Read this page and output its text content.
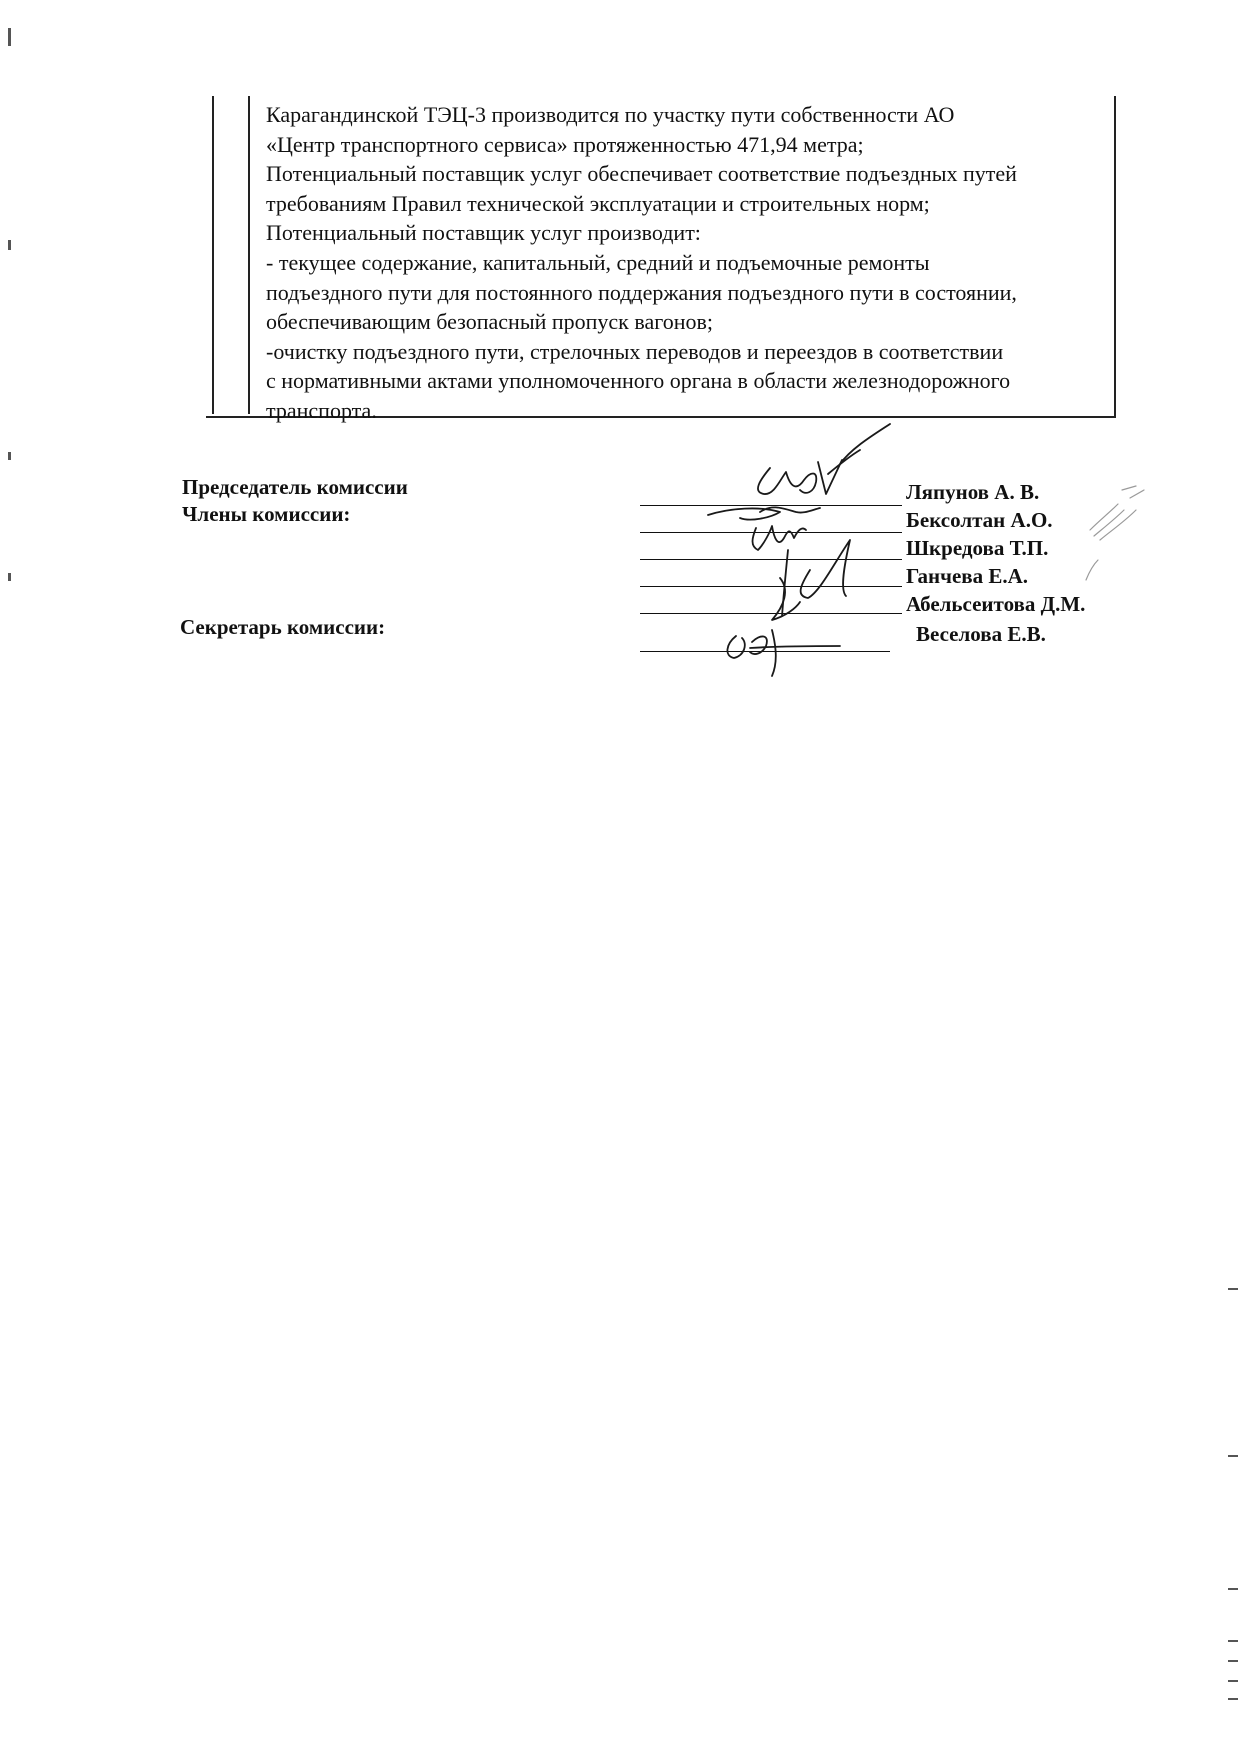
Карагандинской ТЭЦ-3 производится по участку пути собственности АО

«Центр транспортного сервиса» протяженностью 471,94 метра;

Потенциальный поставщик услуг обеспечивает соответствие подъездных путей

требованиям Правил технической эксплуатации и строительных норм;

Потенциальный поставщик услуг производит:

- текущее содержание, капитальный, средний и подъемочные ремонты

подъездного пути для постоянного поддержания подъездного пути в состоянии,

обеспечивающим безопасный пропуск вагонов;

-очистку подъездного пути, стрелочных переводов и переездов в соответствии

с нормативными актами уполномоченного органа в области железнодорожного

транспорта.

Председатель комиссии
Члены комиссии:
Секретарь комиссии:
Ляпунов А. В.
Бексолтан А.О.
Шкредова Т.П.
Ганчева Е.А.
Абельсеитова Д.М.
Веселова Е.В.
